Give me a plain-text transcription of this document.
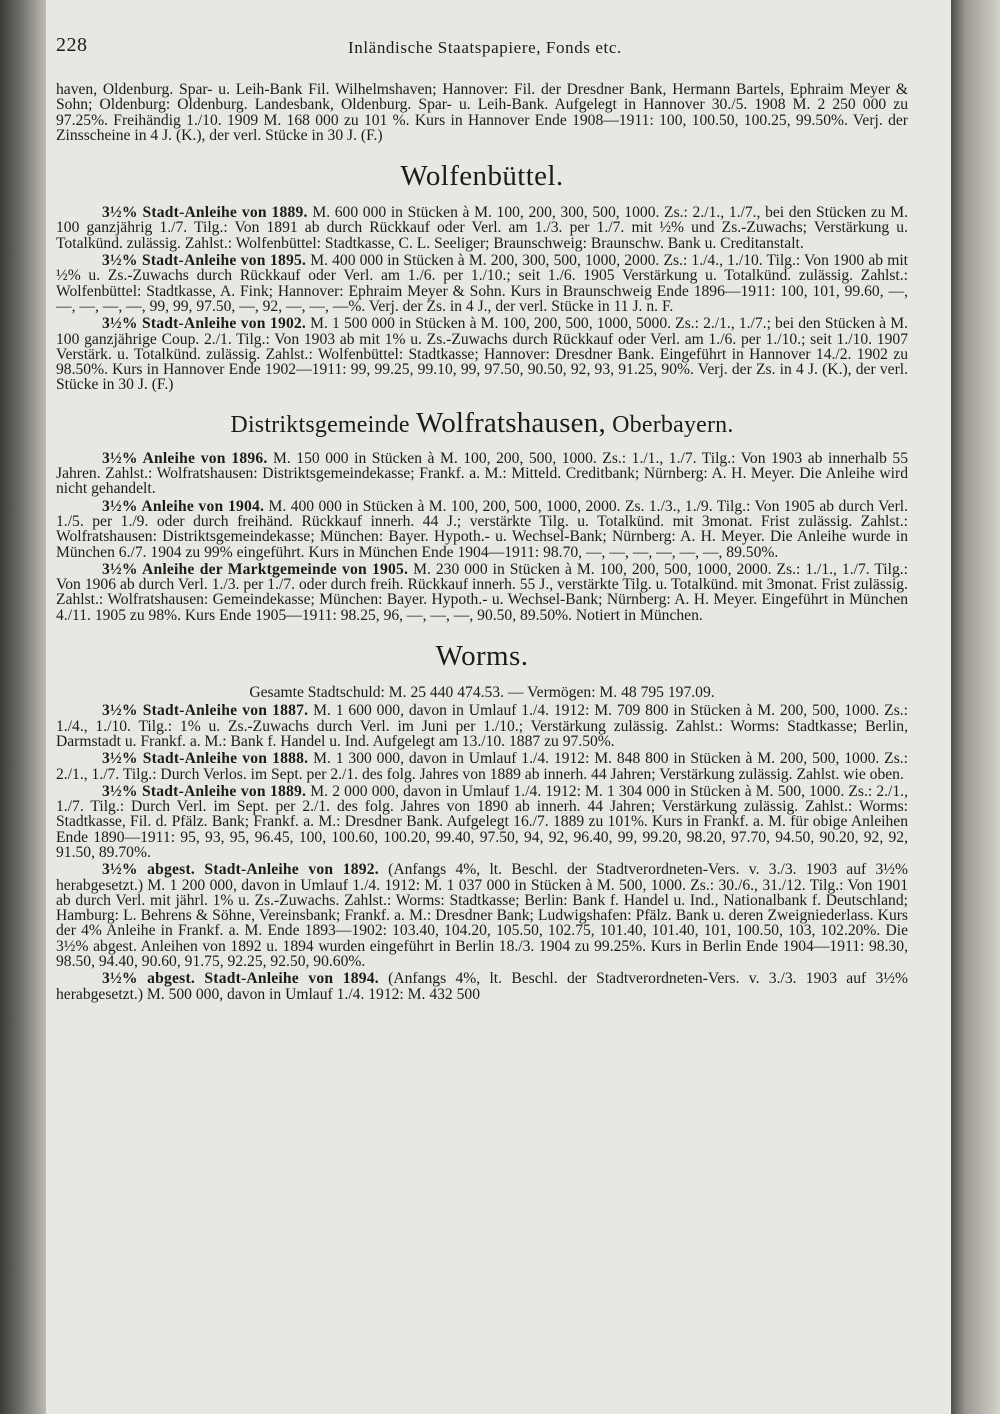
228	Inländische Staatspapiere, Fonds etc.

haven, Oldenburg. Spar- u. Leih-Bank Fil. Wilhelmshaven; Hannover: Fil. der Dresdner Bank, Hermann Bartels, Ephraim Meyer & Sohn; Oldenburg: Oldenburg. Landesbank, Oldenburg. Spar- u. Leih-Bank. Aufgelegt in Hannover 30./5. 1908 M. 2 250 000 zu 97.25%. Freihändig 1./10. 1909 M. 168 000 zu 101 %. Kurs in Hannover Ende 1908—1911: 100, 100.50, 100.25, 99.50%. Verj. der Zinsscheine in 4 J. (K.), der verl. Stücke in 30 J. (F.)

Wolfenbüttel.

3½% Stadt-Anleihe von 1889. M. 600 000 in Stücken à M. 100, 200, 300, 500, 1000. Zs.: 2./1., 1./7., bei den Stücken zu M. 100 ganzjährig 1./7. Tilg.: Von 1891 ab durch Rückkauf oder Verl. am 1./3. per 1./7. mit ½% und Zs.-Zuwachs; Verstärkung u. Totalkünd. zulässig. Zahlst.: Wolfenbüttel: Stadtkasse, C. L. Seeliger; Braunschweig: Braunschw. Bank u. Creditanstalt.

3½% Stadt-Anleihe von 1895. M. 400 000 in Stücken à M. 200, 300, 500, 1000, 2000. Zs.: 1./4., 1./10. Tilg.: Von 1900 ab mit ½% u. Zs.-Zuwachs durch Rückkauf oder Verl. am 1./6. per 1./10.; seit 1./6. 1905 Verstärkung u. Totalkünd. zulässig. Zahlst.: Wolfenbüttel: Stadtkasse, A. Fink; Hannover: Ephraim Meyer & Sohn. Kurs in Braunschweig Ende 1896—1911: 100, 101, 99.60, —, —, —, —, —, 99, 99, 97.50, —, 92, —, —, —%. Verj. der Zs. in 4 J., der verl. Stücke in 11 J. n. F.

3½% Stadt-Anleihe von 1902. M. 1 500 000 in Stücken à M. 100, 200, 500, 1000, 5000. Zs.: 2./1., 1./7.; bei den Stücken à M. 100 ganzjährige Coup. 2./1. Tilg.: Von 1903 ab mit 1% u. Zs.-Zuwachs durch Rückkauf oder Verl. am 1./6. per 1./10.; seit 1./10. 1907 Verstärk. u. Totalkünd. zulässig. Zahlst.: Wolfenbüttel: Stadtkasse; Hannover: Dresdner Bank. Eingeführt in Hannover 14./2. 1902 zu 98.50%. Kurs in Hannover Ende 1902—1911: 99, 99.25, 99.10, 99, 97.50, 90.50, 92, 93, 91.25, 90%. Verj. der Zs. in 4 J. (K.), der verl. Stücke in 30 J. (F.)

Distriktsgemeinde Wolfratshausen, Oberbayern.

3½% Anleihe von 1896. M. 150 000 in Stücken à M. 100, 200, 500, 1000. Zs.: 1./1., 1./7. Tilg.: Von 1903 ab innerhalb 55 Jahren. Zahlst.: Wolfratshausen: Distriktsgemeindekasse; Frankf. a. M.: Mitteld. Creditbank; Nürnberg: A. H. Meyer. Die Anleihe wird nicht gehandelt.

3½% Anleihe von 1904. M. 400 000 in Stücken à M. 100, 200, 500, 1000, 2000. Zs. 1./3., 1./9. Tilg.: Von 1905 ab durch Verl. 1./5. per 1./9. oder durch freihänd. Rückkauf innerh. 44 J.; verstärkte Tilg. u. Totalkünd. mit 3monat. Frist zulässig. Zahlst.: Wolfratshausen: Distriktsgemeindekasse; München: Bayer. Hypoth.- u. Wechsel-Bank; Nürnberg: A. H. Meyer. Die Anleihe wurde in München 6./7. 1904 zu 99% eingeführt. Kurs in München Ende 1904—1911: 98.70, —, —, —, —, —, —, 89.50%.

3½% Anleihe der Marktgemeinde von 1905. M. 230 000 in Stücken à M. 100, 200, 500, 1000, 2000. Zs.: 1./1., 1./7. Tilg.: Von 1906 ab durch Verl. 1./3. per 1./7. oder durch freih. Rückkauf innerh. 55 J., verstärkte Tilg. u. Totalkünd. mit 3monat. Frist zulässig. Zahlst.: Wolfratshausen: Gemeindekasse; München: Bayer. Hypoth.- u. Wechsel-Bank; Nürnberg: A. H. Meyer. Eingeführt in München 4./11. 1905 zu 98%. Kurs Ende 1905—1911: 98.25, 96, —, —, —, 90.50, 89.50%. Notiert in München.

Worms.
Gesamte Stadtschuld: M. 25 440 474.53. — Vermögen: M. 48 795 197.09.

3½% Stadt-Anleihe von 1887. M. 1 600 000, davon in Umlauf 1./4. 1912: M. 709 800 in Stücken à M. 200, 500, 1000. Zs.: 1./4., 1./10. Tilg.: 1% u. Zs.-Zuwachs durch Verl. im Juni per 1./10.; Verstärkung zulässig. Zahlst.: Worms: Stadtkasse; Berlin, Darmstadt u. Frankf. a. M.: Bank f. Handel u. Ind. Aufgelegt am 13./10. 1887 zu 97.50%.

3½% Stadt-Anleihe von 1888. M. 1 300 000, davon in Umlauf 1./4. 1912: M. 848 800 in Stücken à M. 200, 500, 1000. Zs.: 2./1., 1./7. Tilg.: Durch Verlos. im Sept. per 2./1. des folg. Jahres von 1889 ab innerh. 44 Jahren; Verstärkung zulässig. Zahlst. wie oben.

3½% Stadt-Anleihe von 1889. M. 2 000 000, davon in Umlauf 1./4. 1912: M. 1 304 000 in Stücken à M. 500, 1000. Zs.: 2./1., 1./7. Tilg.: Durch Verl. im Sept. per 2./1. des folg. Jahres von 1890 ab innerh. 44 Jahren; Verstärkung zulässig. Zahlst.: Worms: Stadtkasse, Fil. d. Pfälz. Bank; Frankf. a. M.: Dresdner Bank. Aufgelegt 16./7. 1889 zu 101%. Kurs in Frankf. a. M. für obige Anleihen Ende 1890—1911: 95, 93, 95, 96.45, 100, 100.60, 100.20, 99.40, 97.50, 94, 92, 96.40, 99, 99.20, 98.20, 97.70, 94.50, 90.20, 92, 92, 91.50, 89.70%.

3½% abgest. Stadt-Anleihe von 1892. (Anfangs 4%, lt. Beschl. der Stadtverordneten-Vers. v. 3./3. 1903 auf 3½% herabgesetzt.) M. 1 200 000, davon in Umlauf 1./4. 1912: M. 1 037 000 in Stücken à M. 500, 1000. Zs.: 30./6., 31./12. Tilg.: Von 1901 ab durch Verl. mit jährl. 1% u. Zs.-Zuwachs. Zahlst.: Worms: Stadtkasse; Berlin: Bank f. Handel u. Ind., Nationalbank f. Deutschland; Hamburg: L. Behrens & Söhne, Vereinsbank; Frankf. a. M.: Dresdner Bank; Ludwigshafen: Pfälz. Bank u. deren Zweigniederlass. Kurs der 4% Anleihe in Frankf. a. M. Ende 1893—1902: 103.40, 104.20, 105.50, 102.75, 101.40, 101.40, 101, 100.50, 103, 102.20%. Die 3½% abgest. Anleihen von 1892 u. 1894 wurden eingeführt in Berlin 18./3. 1904 zu 99.25%. Kurs in Berlin Ende 1904—1911: 98.30, 98.50, 94.40, 90.60, 91.75, 92.25, 92.50, 90.60%.

3½% abgest. Stadt-Anleihe von 1894. (Anfangs 4%, lt. Beschl. der Stadtverordneten-Vers. v. 3./3. 1903 auf 3½% herabgesetzt.) M. 500 000, davon in Umlauf 1./4. 1912: M. 432 500
